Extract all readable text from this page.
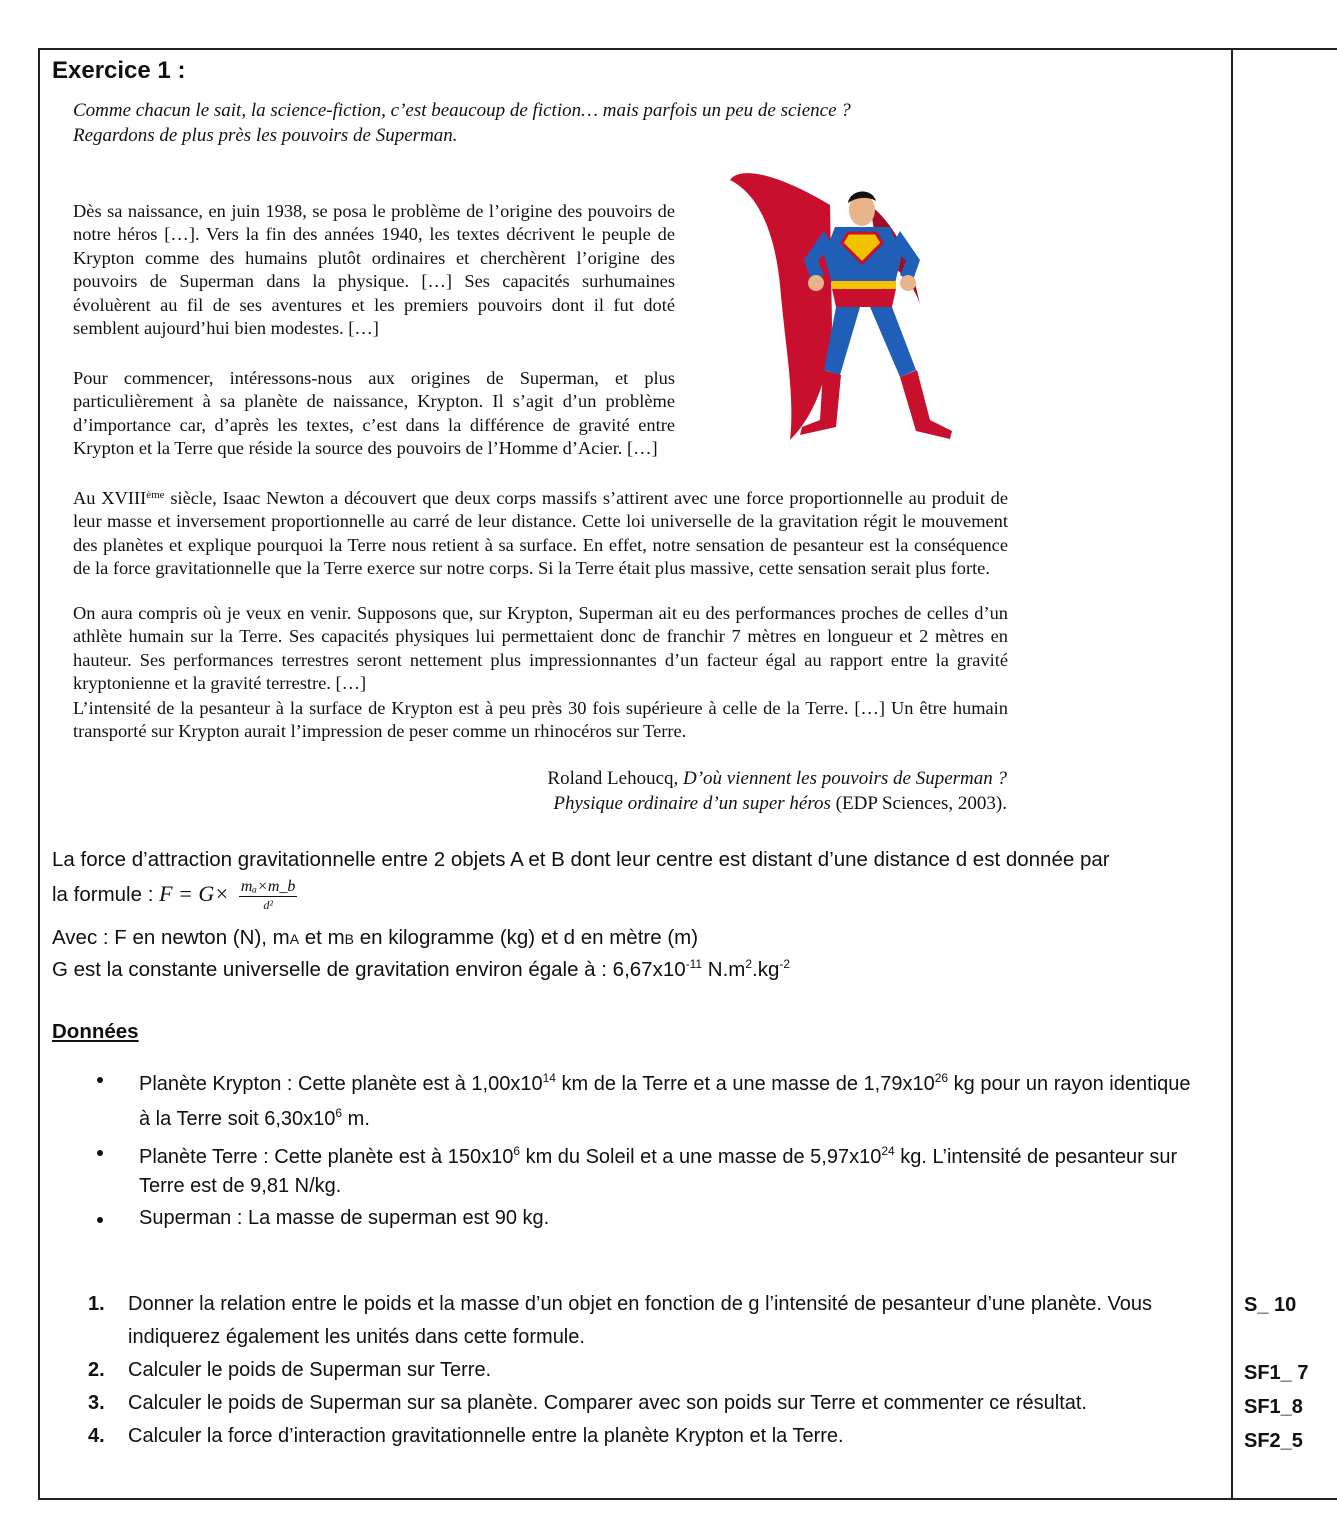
Exercice 1 :
Comme chacun le sait, la science-fiction, c’est beaucoup de fiction… mais parfois un peu de science ?
Regardons de plus près les pouvoirs de Superman.
Dès sa naissance, en juin 1938, se posa le problème de l’origine des pouvoirs de notre héros […]. Vers la fin des années 1940, les textes décrivent le peuple de Krypton comme des humains plutôt ordinaires et cherchèrent l’origine des pouvoirs de Superman dans la physique. […] Ses capacités surhumaines évoluèrent au fil de ses aventures et les premiers pouvoirs dont il fut doté semblent aujourd’hui bien modestes. […]
Pour commencer, intéressons-nous aux origines de Superman, et plus particulièrement à sa planète de naissance, Krypton. Il s’agit d’un problème d’importance car, d’après les textes, c’est dans la différence de gravité entre Krypton et la Terre que réside la source des pouvoirs de l’Homme d’Acier. […]
Au XVIIIème siècle, Isaac Newton a découvert que deux corps massifs s’attirent avec une force proportionnelle au produit de leur masse et inversement proportionnelle au carré de leur distance. Cette loi universelle de la gravitation régit le mouvement des planètes et explique pourquoi la Terre nous retient à sa surface. En effet, notre sensation de pesanteur est la conséquence de la force gravitationnelle que la Terre exerce sur notre corps. Si la Terre était plus massive, cette sensation serait plus forte.
On aura compris où je veux en venir. Supposons que, sur Krypton, Superman ait eu des performances proches de celles d’un athlète humain sur la Terre. Ses capacités physiques lui permettaient donc de franchir 7 mètres en longueur et 2 mètres en hauteur. Ses performances terrestres seront nettement plus impressionnantes d’un facteur égal au rapport entre la gravité kryptonienne et la gravité terrestre. […]
L’intensité de la pesanteur à la surface de Krypton est à peu près 30 fois supérieure à celle de la Terre. […] Un être humain transporté sur Krypton aurait l’impression de peser comme un rhinocéros sur Terre.
Roland Lehoucq, D’où viennent les pouvoirs de Superman ?
Physique ordinaire d’un super héros (EDP Sciences, 2003).
La force d’attraction gravitationnelle entre 2 objets A et B dont leur centre est distant d’une distance d est donnée par
la formule : $F = G\times \frac{\text{mₐ×m\_b}}{\text{d²}}$
Avec : F en newton (N), mA et mB en kilogramme (kg) et d en mètre (m)
G est la constante universelle de gravitation environ égale à : $6,67x10^{-11}$ $N.m^2.kg^{-2}$
Données
Planète Krypton : Cette planète est à $1,00x10^{14}$ km de la Terre et a une masse de $1,79x10^{26}$ kg pour un rayon identique à la Terre soit $6,30x10^6$ m.
Planète Terre : Cette planète est à $150x10^6$ km du Soleil et a une masse de $5,97x10^{24}$ kg. L’intensité de pesanteur sur Terre est de 9,81 N/kg.
Superman : La masse de superman est 90 kg.
1. Donner la relation entre le poids et la masse d’un objet en fonction de g l’intensité de pesanteur d’une planète. Vous indiquerez également les unités dans cette formule.
2. Calculer le poids de Superman sur Terre.
3. Calculer le poids de Superman sur sa planète. Comparer avec son poids sur Terre et commenter ce résultat.
4. Calculer la force d’interaction gravitationnelle entre la planète Krypton et la Terre.
S_ 10
SF1_ 7
SF1_8
SF2_5
